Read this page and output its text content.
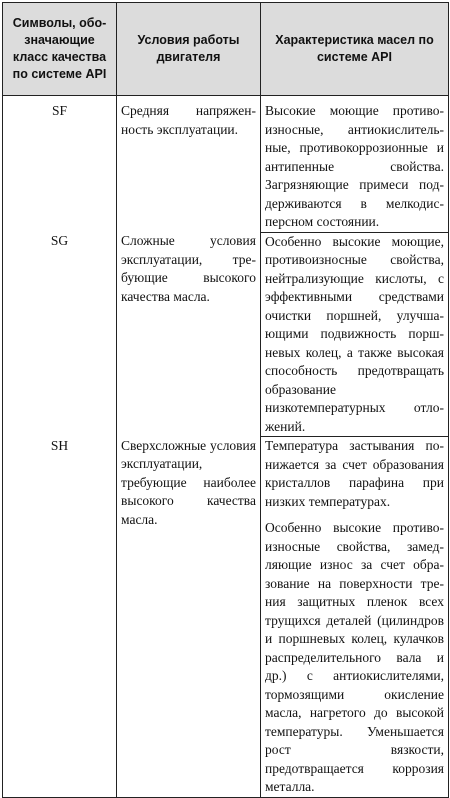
Символы, обозначающие класс качества по системе API	Условия работы двигателя	Характеристика масел по системе API
SF	Средняя напряженность эксплуатации.	Высокие моющие противоизносные, антиокислительные, противокоррозионные и антипенные свойства. Загрязняющие примеси поддерживаются в мелкодисперсном состоянии.

SG	Сложные условия эксплуатации, требующие высокого качества масла.	Особенно высокие моющие, противоизносные свойства, нейтрализующие кислоты, с эффективными средствами очистки поршней, улучшающими подвижность поршневых колец, а также высокая способность предотвращать образование низкотемпературных отложений.

SH	Сверхсложные условия эксплуатации, требующие наиболее высокого качества масла.	Температура застывания понижается за счет образования кристаллов парафина при низких температурах.
Особенно высокие противоизносные свойства, замедляющие износ за счет образование на поверхности трения защитных пленок всех трущихся деталей (цилиндров и поршневых колец, кулачков распределительного вала и др.) с антиокислителями, тормозящими окисление масла, нагретого до высокой температуры. Уменьшается рост вязкости, предотвращается коррозия металла.
